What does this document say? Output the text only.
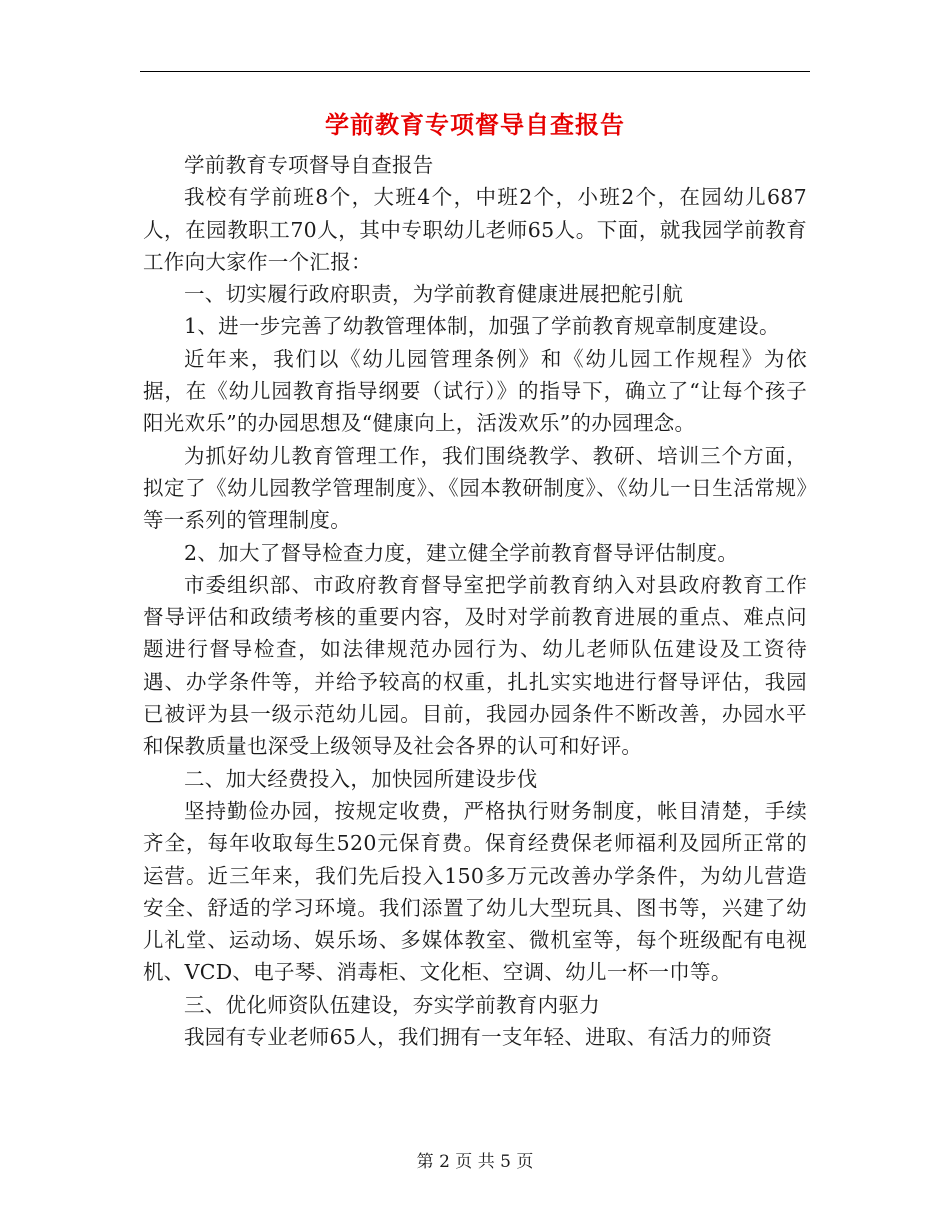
学前教育专项督导自查报告

学前教育专项督导自查报告

我校有学前班8个，大班4个，中班2个，小班2个，在园幼儿687人，在园教职工70人，其中专职幼儿老师65人。下面，就我园学前教育工作向大家作一个汇报：

一、切实履行政府职责，为学前教育健康进展把舵引航

1、进一步完善了幼教管理体制，加强了学前教育规章制度建设。

近年来，我们以《幼儿园管理条例》和《幼儿园工作规程》为依据，在《幼儿园教育指导纲要（试行）》的指导下，确立了“让每个孩子阳光欢乐”的办园思想及“健康向上，活泼欢乐”的办园理念。

为抓好幼儿教育管理工作，我们围绕教学、教研、培训三个方面，拟定了《幼儿园教学管理制度》、《园本教研制度》、《幼儿一日生活常规》等一系列的管理制度。

2、加大了督导检查力度，建立健全学前教育督导评估制度。

市委组织部、市政府教育督导室把学前教育纳入对县政府教育工作督导评估和政绩考核的重要内容，及时对学前教育进展的重点、难点问题进行督导检查，如法律规范办园行为、幼儿老师队伍建设及工资待遇、办学条件等，并给予较高的权重，扎扎实实地进行督导评估，我园已被评为县一级示范幼儿园。目前，我园办园条件不断改善，办园水平和保教质量也深受上级领导及社会各界的认可和好评。

二、加大经费投入，加快园所建设步伐

坚持勤俭办园，按规定收费，严格执行财务制度，帐目清楚，手续齐全，每年收取每生520元保育费。保育经费保老师福利及园所正常的运营。近三年来，我们先后投入150多万元改善办学条件，为幼儿营造安全、舒适的学习环境。我们添置了幼儿大型玩具、图书等，兴建了幼儿礼堂、运动场、娱乐场、多媒体教室、微机室等，每个班级配有电视机、VCD、电子琴、消毒柜、文化柜、空调、幼儿一杯一巾等。

三、优化师资队伍建设，夯实学前教育内驱力

我园有专业老师65人，我们拥有一支年轻、进取、有活力的师资

第 2 页 共 5 页
